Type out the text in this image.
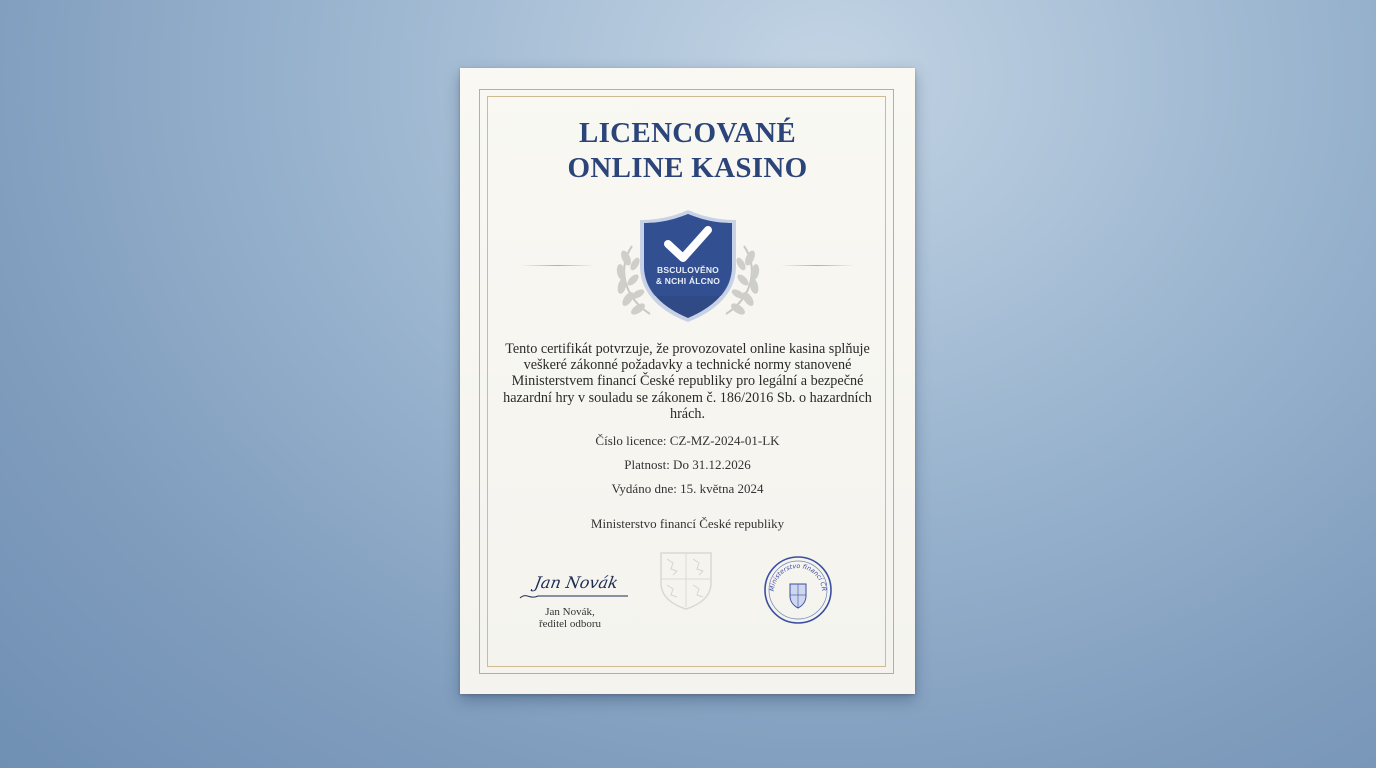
LICENCOVANÉ
ONLINE KASINO
BSCULOVĚNO
& NCHI ÁLCNO

Tento certifikát potvrzuje, že provozovatel online kasina splňuje veškeré zákonné požadavky a technické normy stanovené Ministerstvem financí České republiky pro legální a bezpečné hazardní hry v souladu se zákonem č. 186/2016 Sb. o hazardních hrách.

Číslo licence: CZ-MZ-2024-01-LK
Platnost: Do 31.12.2026
Vydáno dne: 15. května 2024
Ministerstvo financí České republiky
Jan Novák
Jan Novák,
ředitel odboru
Ministerstvo financí ČR
